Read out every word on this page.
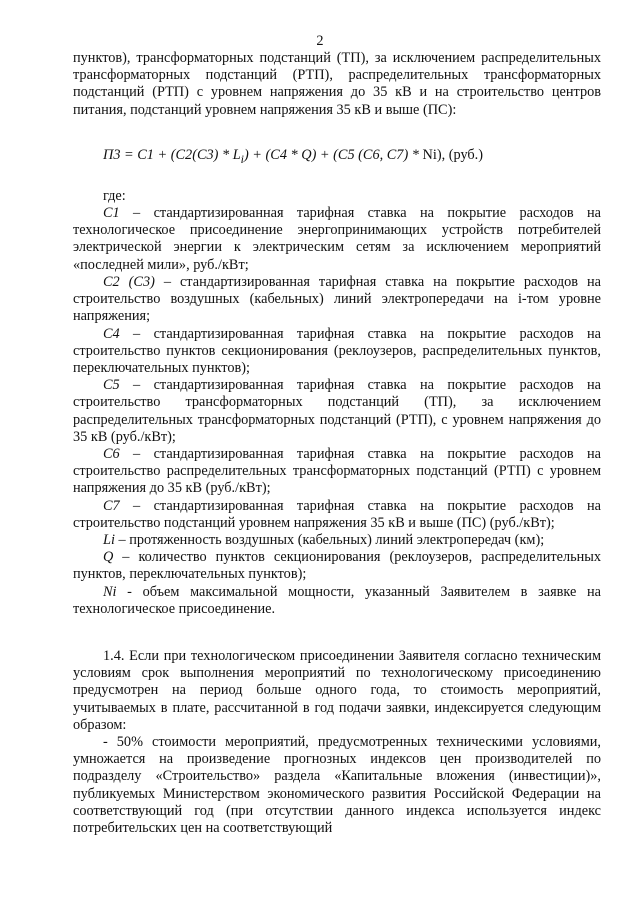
2

пунктов), трансформаторных подстанций (ТП), за исключением распределительных трансформаторных подстанций (РТП), распределительных трансформаторных подстанций (РТП) с уровнем напряжения до 35 кВ и на строительство центров питания, подстанций уровнем напряжения 35 кВ и выше (ПС):

$П3 = C1 + (C2(C3) * L_i) + (C4 * Q) + (C5$ (C6, C7) * Ni), (руб.)

где:

C1 – стандартизированная тарифная ставка на покрытие расходов на технологическое присоединение энергопринимающих устройств потребителей электрической энергии к электрическим сетям за исключением мероприятий «последней мили», руб./кВт;

C2 (C3) – стандартизированная тарифная ставка на покрытие расходов на строительство воздушных (кабельных) линий электропередачи на i-том уровне напряжения;

C4 – стандартизированная тарифная ставка на покрытие расходов на строительство пунктов секционирования (реклоузеров, распределительных пунктов, переключательных пунктов);

C5 – стандартизированная тарифная ставка на покрытие расходов на строительство трансформаторных подстанций (ТП), за исключением распределительных трансформаторных подстанций (РТП), с уровнем напряжения до 35 кВ (руб./кВт);

C6 – стандартизированная тарифная ставка на покрытие расходов на строительство распределительных трансформаторных подстанций (РТП) с уровнем напряжения до 35 кВ (руб./кВт);

C7 – стандартизированная тарифная ставка на покрытие расходов на строительство подстанций уровнем напряжения 35 кВ и выше (ПС) (руб./кВт);

Li – протяженность воздушных (кабельных) линий электропередач (км);

Q – количество пунктов секционирования (реклоузеров, распределительных пунктов, переключательных пунктов);

Ni - объем максимальной мощности, указанный Заявителем в заявке на технологическое присоединение.

1.4. Если при технологическом присоединении Заявителя согласно техническим условиям срок выполнения мероприятий по технологическому присоединению предусмотрен на период больше одного года, то стоимость мероприятий, учитываемых в плате, рассчитанной в год подачи заявки, индексируется следующим образом:

- 50% стоимости мероприятий, предусмотренных техническими условиями, умножается на произведение прогнозных индексов цен производителей по подразделу «Строительство» раздела «Капитальные вложения (инвестиции)», публикуемых Министерством экономического развития Российской Федерации на соответствующий год (при отсутствии данного индекса используется индекс потребительских цен на соответствующий
